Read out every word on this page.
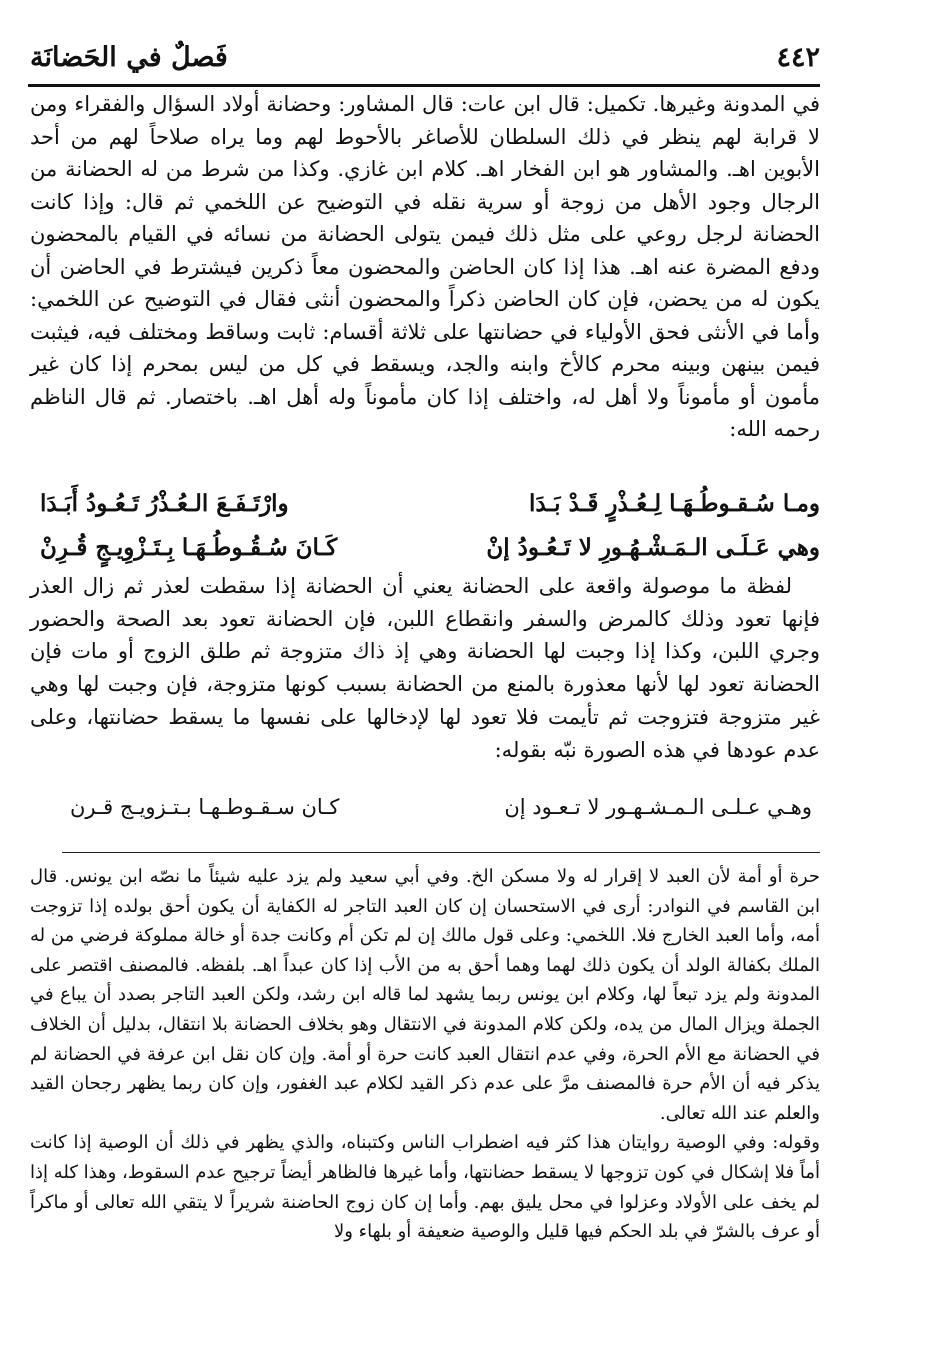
٤٤٢
فَصلٌ في الحَضانَة

في المدونة وغيرها. تكميل: قال ابن عات: قال المشاور: وحضانة أولاد السؤال والفقراء ومن لا قرابة لهم ينظر في ذلك السلطان للأصاغر بالأحوط لهم وما يراه صلاحاً لهم من أحد الأبوين اهـ. والمشاور هو ابن الفخار اهـ. كلام ابن غازي. وكذا من شرط من له الحضانة من الرجال وجود الأهل من زوجة أو سرية نقله في التوضيح عن اللخمي ثم قال: وإذا كانت الحضانة لرجل روعي على مثل ذلك فيمن يتولى الحضانة من نسائه في القيام بالمحضون ودفع المضرة عنه اهـ. هذا إذا كان الحاضن والمحضون معاً ذكرين فيشترط في الحاضن أن يكون له من يحضن، فإن كان الحاضن ذكراً والمحضون أنثى فقال في التوضيح عن اللخمي: وأما في الأنثى فحق الأولياء في حضانتها على ثلاثة أقسام: ثابت وساقط ومختلف فيه، فيثبت فيمن بينهن وبينه محرم كالأخ وابنه والجد، ويسقط في كل من ليس بمحرم إذا كان غير مأمون أو مأموناً ولا أهل له، واختلف إذا كان مأموناً وله أهل اهـ. باختصار. ثم قال الناظم رحمه الله:

ومـا سُـقـوطُـهَـا لِـعُـذْرٍ قَـدْ بَـدَا
وارْتَـفَـعَ الـعُـذْرُ تَـعُـودُ أَبَـدَا
وهي عَـلَـى الـمَـشْـهُـورِ لا تَـعُـودُ إنْ
كَـانَ سُـقُـوطُـهَـا بِـتَـزْوِيـجٍ قُـرِنْ

لفظة ما موصولة واقعة على الحضانة يعني أن الحضانة إذا سقطت لعذر ثم زال العذر فإنها تعود وذلك كالمرض والسفر وانقطاع اللبن، فإن الحضانة تعود بعد الصحة والحضور وجري اللبن، وكذا إذا وجبت لها الحضانة وهي إذ ذاك متزوجة ثم طلق الزوج أو مات فإن الحضانة تعود لها لأنها معذورة بالمنع من الحضانة بسبب كونها متزوجة، فإن وجبت لها وهي غير متزوجة فتزوجت ثم تأيمت فلا تعود لها لإدخالها على نفسها ما يسقط حضانتها، وعلى عدم عودها في هذه الصورة نبّه بقوله:

وهـي عـلـى الـمـشـهـور لا تـعـود إن
كـان سـقـوطـهـا بـتـزويـج قـرن

حرة أو أمة لأن العبد لا إقرار له ولا مسكن الخ. وفي أبي سعيد ولم يزد عليه شيئاً ما نصّه ابن يونس. قال ابن القاسم في النوادر: أرى في الاستحسان إن كان العبد التاجر له الكفاية أن يكون أحق بولده إذا تزوجت أمه، وأما العبد الخارج فلا. اللخمي: وعلى قول مالك إن لم تكن أم وكانت جدة أو خالة مملوكة فرضي من له الملك بكفالة الولد أن يكون ذلك لهما وهما أحق به من الأب إذا كان عبداً اهـ. بلفظه. فالمصنف اقتصر على المدونة ولم يزد تبعاً لها، وكلام ابن يونس ربما يشهد لما قاله ابن رشد، ولكن العبد التاجر بصدد أن يباع في الجملة ويزال المال من يده، ولكن كلام المدونة في الانتقال وهو بخلاف الحضانة بلا انتقال، بدليل أن الخلاف في الحضانة مع الأم الحرة، وفي عدم انتقال العبد كانت حرة أو أمة. وإن كان نقل ابن عرفة في الحضانة لم يذكر فيه أن الأم حرة فالمصنف مرَّ على عدم ذكر القيد لكلام عبد الغفور، وإن كان ربما يظهر رجحان القيد والعلم عند الله تعالى.

وقوله: وفي الوصية روايتان هذا كثر فيه اضطراب الناس وكتبناه، والذي يظهر في ذلك أن الوصية إذا كانت أماً فلا إشكال في كون تزوجها لا يسقط حضانتها، وأما غيرها فالظاهر أيضاً ترجيح عدم السقوط، وهذا كله إذا لم يخف على الأولاد وعزلوا في محل يليق بهم. وأما إن كان زوج الحاضنة شريراً لا يتقي الله تعالى أو ماكراً أو عرف بالشرّ في بلد الحكم فيها قليل والوصية ضعيفة أو بلهاء ولا
